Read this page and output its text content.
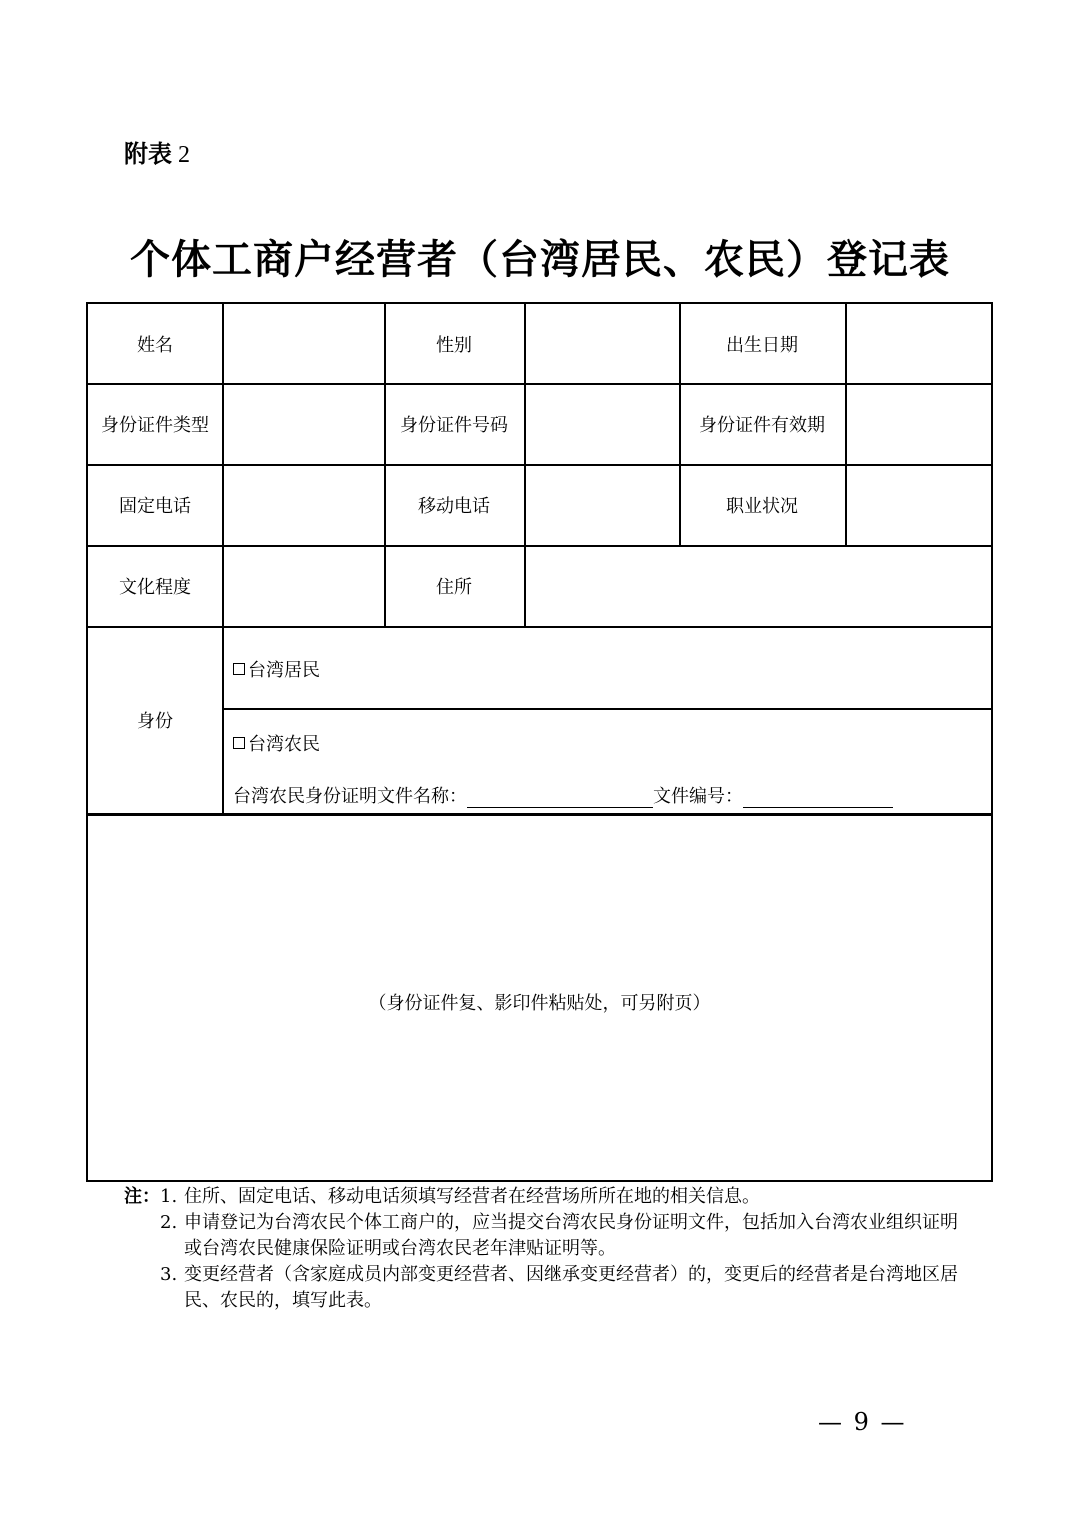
附表 2
个体工商户经营者（台湾居民、农民）登记表
姓名	性别	出生日期
身份证件类型	身份证件号码	身份证件有效期
固定电话	移动电话	职业状况
文化程度	住所
身份
台湾居民
台湾农民
台湾农民身份证明文件名称：	文件编号：
（身份证件复、影印件粘贴处，可另附页）
注： 1. 住所、固定电话、移动电话须填写经营者在经营场所所在地的相关信息。
2. 申请登记为台湾农民个体工商户的，应当提交台湾农民身份证明文件，包括加入台湾农业组织证明或台湾农民健康保险证明或台湾农民老年津贴证明等。
3. 变更经营者（含家庭成员内部变更经营者、因继承变更经营者）的，变更后的经营者是台湾地区居民、农民的，填写此表。
— 9 —
